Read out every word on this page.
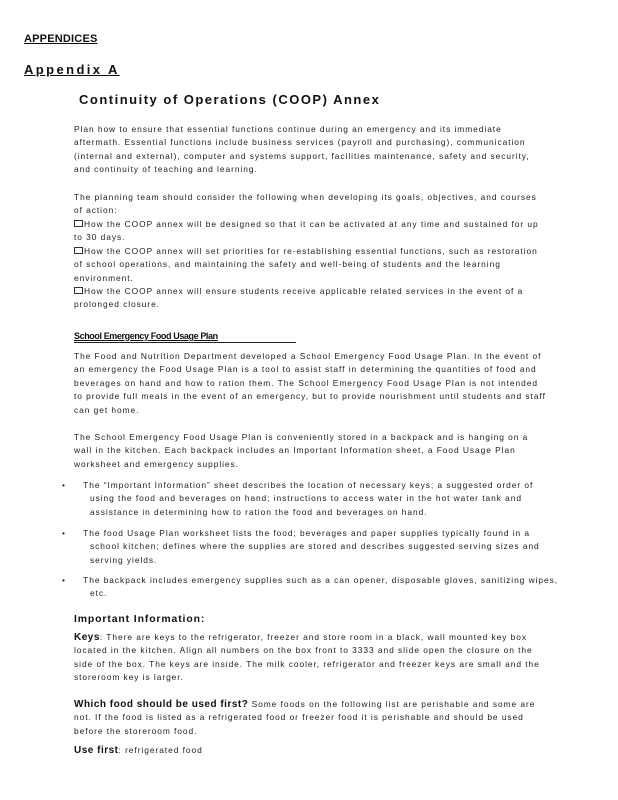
APPENDICES

Appendix A

Continuity of Operations (COOP) Annex

Plan how to ensure that essential functions continue during an emergency and its immediate aftermath. Essential functions include business services (payroll and purchasing), communication (internal and external), computer and systems support, facilities maintenance, safety and security, and continuity of teaching and learning.

The planning team should consider the following when developing its goals, objectives, and courses of action:

How the COOP annex will be designed so that it can be activated at any time and sustained for up to 30 days.
How the COOP annex will set priorities for re-establishing essential functions, such as restoration of school operations, and maintaining the safety and well-being of students and the learning environment.
How the COOP annex will ensure students receive applicable related services in the event of a prolonged closure.

School Emergency Food Usage Plan

The Food and Nutrition Department developed a School Emergency Food Usage Plan. In the event of an emergency the Food Usage Plan is a tool to assist staff in determining the quantities of food and beverages on hand and how to ration them. The School Emergency Food Usage Plan is not intended to provide full meals in the event of an emergency, but to provide nourishment until students and staff can get home.

The School Emergency Food Usage Plan is conveniently stored in a backpack and is hanging on a wall in the kitchen. Each backpack includes an Important Information sheet, a Food Usage Plan worksheet and emergency supplies.

• The “Important Information” sheet describes the location of necessary keys; a suggested order of using the food and beverages on hand; instructions to access water in the hot water tank and assistance in determining how to ration the food and beverages on hand.

• The food Usage Plan worksheet lists the food; beverages and paper supplies typically found in a school kitchen; defines where the supplies are stored and describes suggested serving sizes and serving yields.

• The backpack includes emergency supplies such as a can opener, disposable gloves, sanitizing wipes, etc.

Important Information:

Keys: There are keys to the refrigerator, freezer and store room in a black, wall mounted key box located in the kitchen. Align all numbers on the box front to 3333 and slide open the closure on the side of the box. The keys are inside. The milk cooler, refrigerator and freezer keys are small and the storeroom key is larger.

Which food should be used first? Some foods on the following list are perishable and some are not. If the food is listed as a refrigerated food or freezer food it is perishable and should be used before the storeroom food.

Use first: refrigerated food
